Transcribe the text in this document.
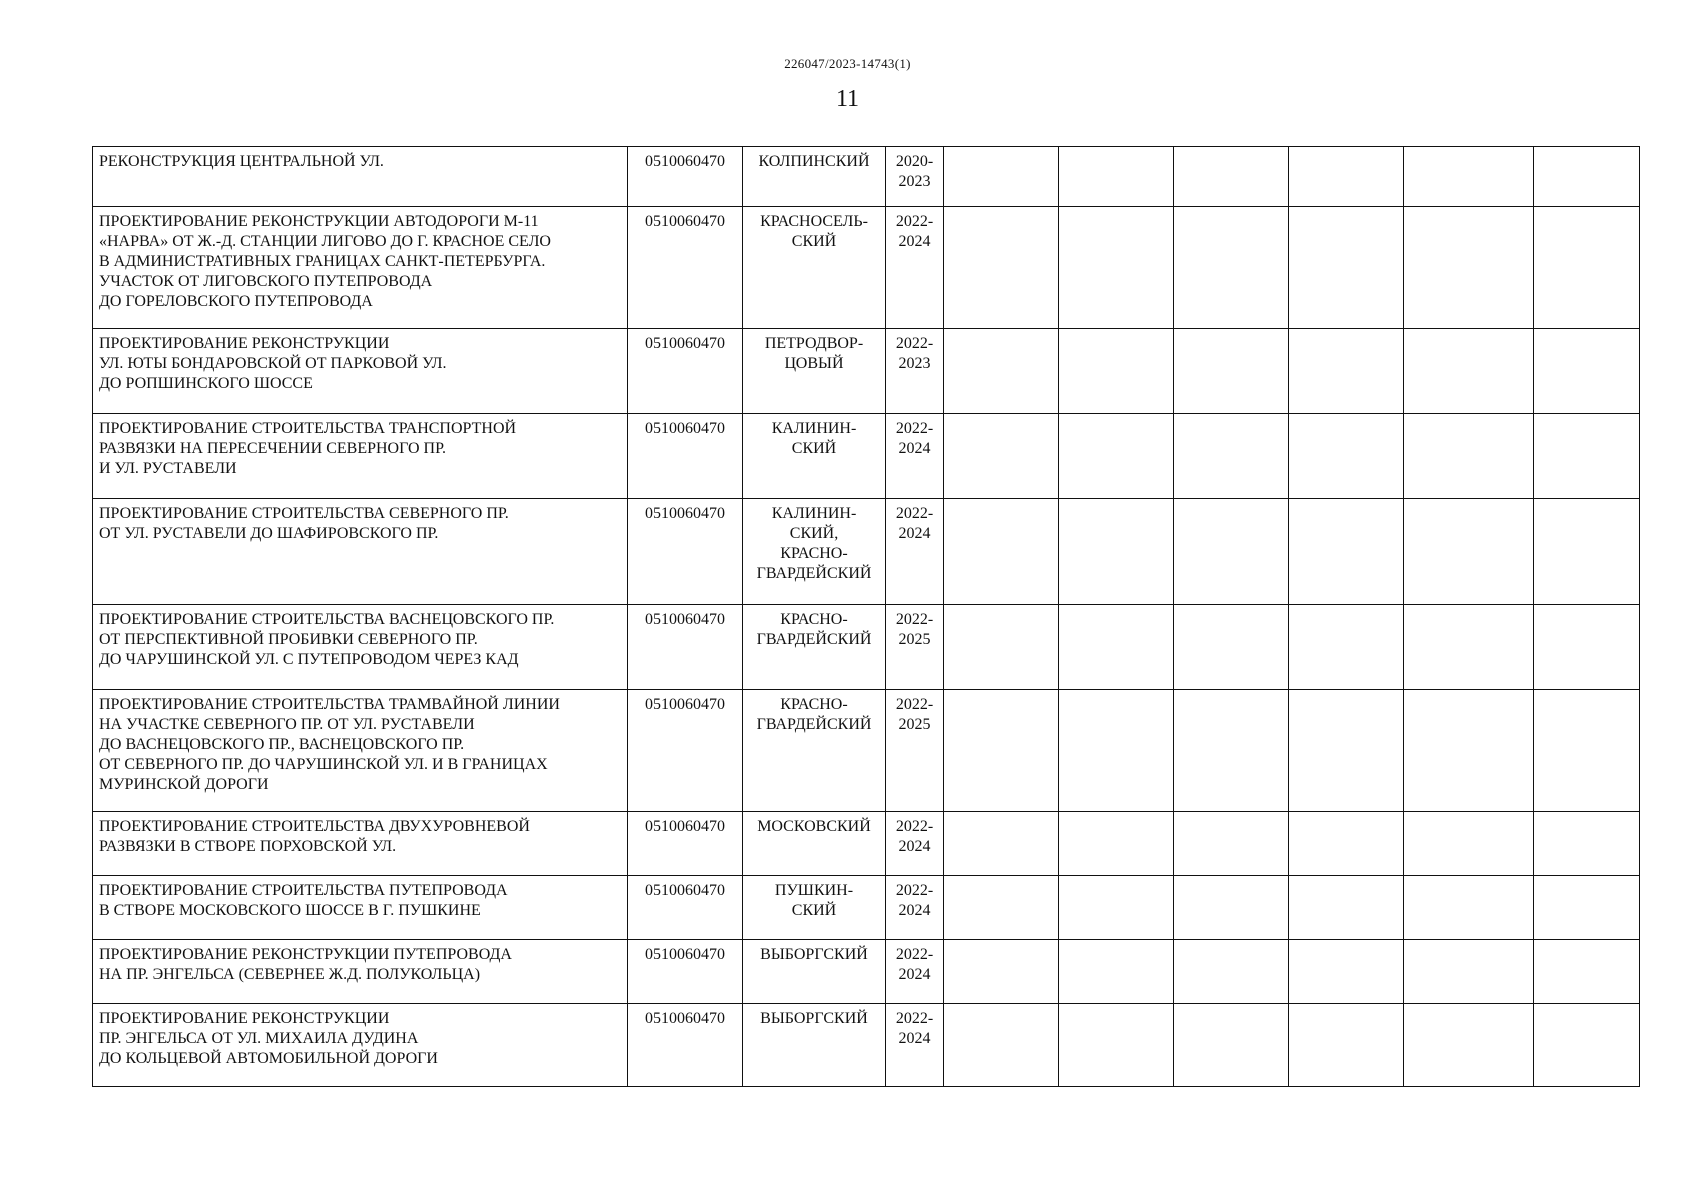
226047/2023-14743(1)
11
РЕКОНСТРУКЦИЯ ЦЕНТРАЛЬНОЙ УЛ.	0510060470	КОЛПИНСКИЙ	2020-
2023						
ПРОЕКТИРОВАНИЕ РЕКОНСТРУКЦИИ АВТОДОРОГИ М-11
«НАРВА» ОТ Ж.-Д. СТАНЦИИ ЛИГОВО ДО Г. КРАСНОЕ СЕЛО
В АДМИНИСТРАТИВНЫХ ГРАНИЦАХ САНКТ-ПЕТЕРБУРГА.
УЧАСТОК ОТ ЛИГОВСКОГО ПУТЕПРОВОДА
ДО ГОРЕЛОВСКОГО ПУТЕПРОВОДА	0510060470	КРАСНОСЕЛЬ-
СКИЙ	2022-
2024						
ПРОЕКТИРОВАНИЕ РЕКОНСТРУКЦИИ
УЛ. ЮТЫ БОНДАРОВСКОЙ ОТ ПАРКОВОЙ УЛ.
ДО РОПШИНСКОГО ШОССЕ	0510060470	ПЕТРОДВОР-
ЦОВЫЙ	2022-
2023						
ПРОЕКТИРОВАНИЕ СТРОИТЕЛЬСТВА ТРАНСПОРТНОЙ
РАЗВЯЗКИ НА ПЕРЕСЕЧЕНИИ СЕВЕРНОГО ПР.
И УЛ. РУСТАВЕЛИ	0510060470	КАЛИНИН-
СКИЙ	2022-
2024						
ПРОЕКТИРОВАНИЕ СТРОИТЕЛЬСТВА СЕВЕРНОГО ПР.
ОТ УЛ. РУСТАВЕЛИ ДО ШАФИРОВСКОГО ПР.	0510060470	КАЛИНИН-
СКИЙ,
КРАСНО-
ГВАРДЕЙСКИЙ	2022-
2024						
ПРОЕКТИРОВАНИЕ СТРОИТЕЛЬСТВА ВАСНЕЦОВСКОГО ПР.
ОТ ПЕРСПЕКТИВНОЙ ПРОБИВКИ СЕВЕРНОГО ПР.
ДО ЧАРУШИНСКОЙ УЛ. С ПУТЕПРОВОДОМ ЧЕРЕЗ КАД	0510060470	КРАСНО-
ГВАРДЕЙСКИЙ	2022-
2025						
ПРОЕКТИРОВАНИЕ СТРОИТЕЛЬСТВА ТРАМВАЙНОЙ ЛИНИИ
НА УЧАСТКЕ СЕВЕРНОГО ПР. ОТ УЛ. РУСТАВЕЛИ
ДО ВАСНЕЦОВСКОГО ПР., ВАСНЕЦОВСКОГО ПР.
ОТ СЕВЕРНОГО ПР. ДО ЧАРУШИНСКОЙ УЛ. И В ГРАНИЦАХ
МУРИНСКОЙ ДОРОГИ	0510060470	КРАСНО-
ГВАРДЕЙСКИЙ	2022-
2025						
ПРОЕКТИРОВАНИЕ СТРОИТЕЛЬСТВА ДВУХУРОВНЕВОЙ
РАЗВЯЗКИ В СТВОРЕ ПОРХОВСКОЙ УЛ.	0510060470	МОСКОВСКИЙ	2022-
2024						
ПРОЕКТИРОВАНИЕ СТРОИТЕЛЬСТВА ПУТЕПРОВОДА
В СТВОРЕ МОСКОВСКОГО ШОССЕ В Г. ПУШКИНЕ	0510060470	ПУШКИН-
СКИЙ	2022-
2024						
ПРОЕКТИРОВАНИЕ РЕКОНСТРУКЦИИ ПУТЕПРОВОДА
НА ПР. ЭНГЕЛЬСА (СЕВЕРНЕЕ Ж.Д. ПОЛУКОЛЬЦА)	0510060470	ВЫБОРГСКИЙ	2022-
2024						
ПРОЕКТИРОВАНИЕ РЕКОНСТРУКЦИИ
ПР. ЭНГЕЛЬСА ОТ УЛ. МИХАИЛА ДУДИНА
ДО КОЛЬЦЕВОЙ АВТОМОБИЛЬНОЙ ДОРОГИ	0510060470	ВЫБОРГСКИЙ	2022-
2024						
